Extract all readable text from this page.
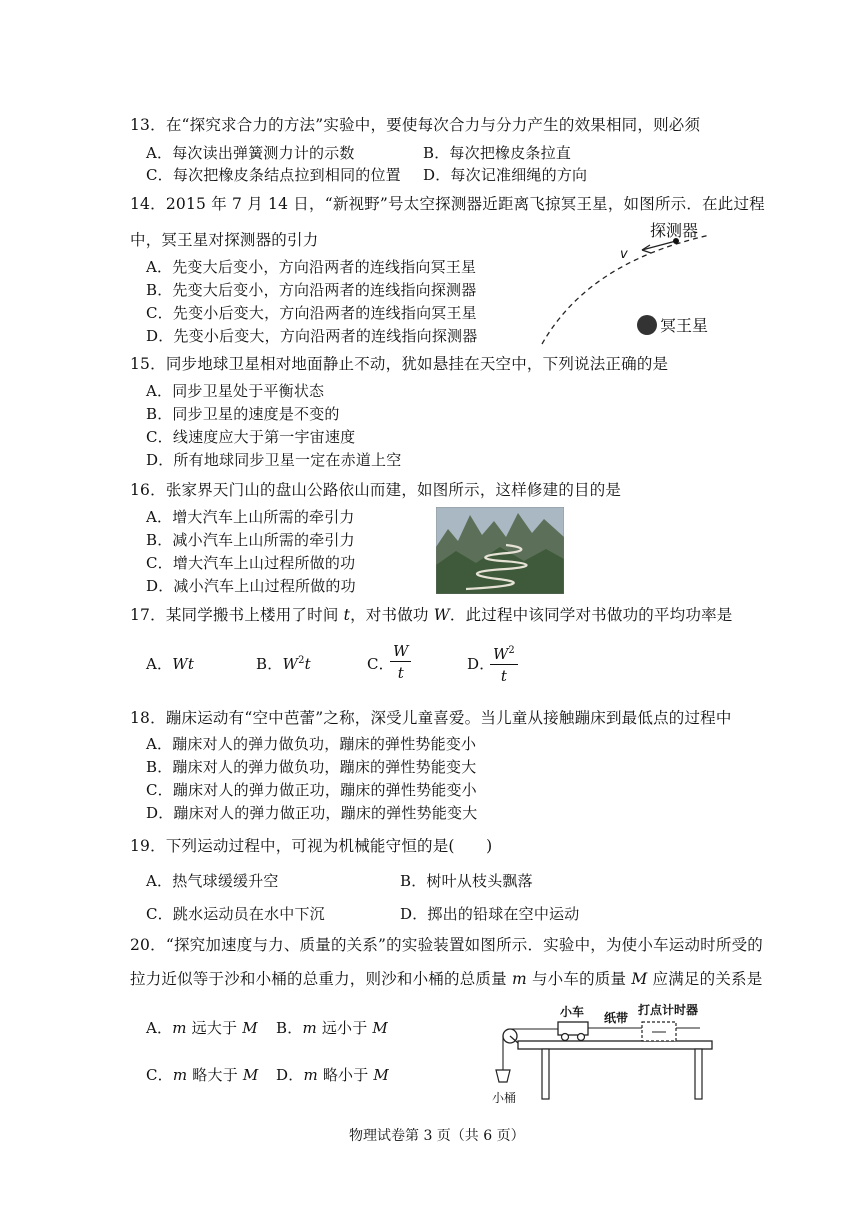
13．在“探究求合力的方法”实验中，要使每次合力与分力产生的效果相同，则必须
A．每次读出弹簧测力计的示数	B．每次把橡皮条拉直
C．每次把橡皮条结点拉到相同的位置 D．每次记准细绳的方向
14．2015 年 7 月 14 日，“新视野”号太空探测器近距离飞掠冥王星，如图所示．在此过程
中，冥王星对探测器的引力
A．先变大后变小，方向沿两者的连线指向冥王星
B．先变大后变小，方向沿两者的连线指向探测器
C．先变小后变大，方向沿两者的连线指向冥王星
D．先变小后变大，方向沿两者的连线指向探测器
探测器
v
冥王星
15．同步地球卫星相对地面静止不动，犹如悬挂在天空中，下列说法正确的是
A．同步卫星处于平衡状态
B．同步卫星的速度是不变的
C．线速度应大于第一宇宙速度
D．所有地球同步卫星一定在赤道上空
16．张家界天门山的盘山公路依山而建，如图所示，这样修建的目的是
A．增大汽车上山所需的牵引力
B．减小汽车上山所需的牵引力
C．增大汽车上山过程所做的功
D．减小汽车上山过程所做的功
17．某同学搬书上楼用了时间 t，对书做功 W．此过程中该同学对书做功的平均功率是
A．Wt	B．$W^2t$	C．
$\frac{W}{t}$	D．
$\frac{W^2}{t}$
18．蹦床运动有“空中芭蕾”之称，深受儿童喜爱。当儿童从接触蹦床到最低点的过程中
A．蹦床对人的弹力做负功，蹦床的弹性势能变小
B．蹦床对人的弹力做负功，蹦床的弹性势能变大
C．蹦床对人的弹力做正功，蹦床的弹性势能变小
D．蹦床对人的弹力做正功，蹦床的弹性势能变大
19．下列运动过程中，可视为机械能守恒的是(　　)
A．热气球缓缓升空	B．树叶从枝头飘落
C．跳水运动员在水中下沉	D．掷出的铅球在空中运动
20．“探究加速度与力、质量的关系”的实验装置如图所示．实验中，为使小车运动时所受的
拉力近似等于沙和小桶的总重力，则沙和小桶的总质量 m 与小车的质量 M 应满足的关系是
A．m 远大于 M B．m 远小于 M
C．m 略大于 M D．m 略小于 M
小桶
小车 纸带
打点计时器
物理试卷第 3 页（共 6 页）
